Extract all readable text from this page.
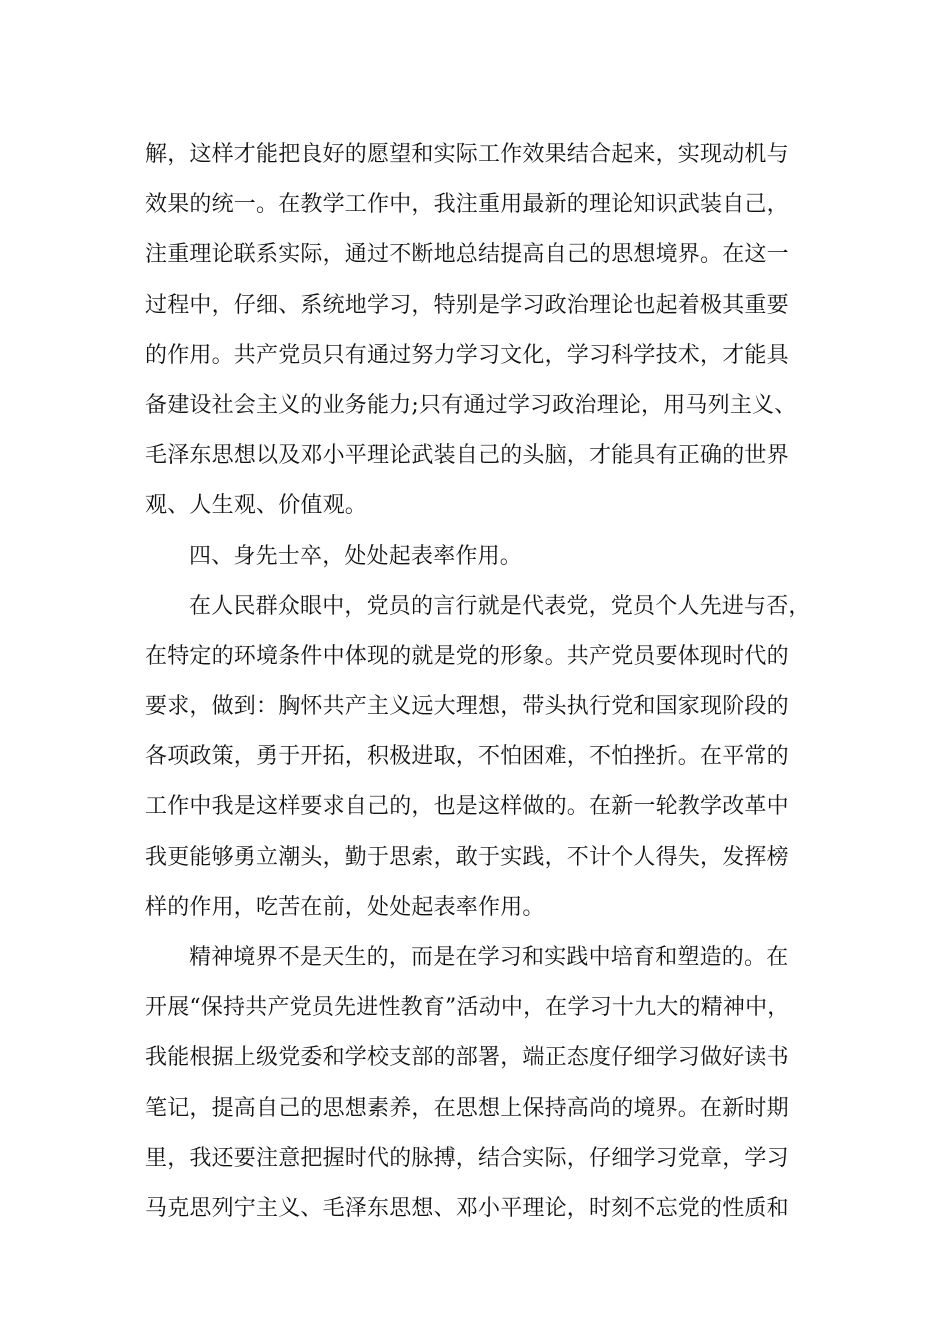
解，这样才能把良好的愿望和实际工作效果结合起来，实现动机与
效果的统一。在教学工作中，我注重用最新的理论知识武装自己，
注重理论联系实际，通过不断地总结提高自己的思想境界。在这一
过程中，仔细、系统地学习，特别是学习政治理论也起着极其重要
的作用。共产党员只有通过努力学习文化，学习科学技术，才能具
备建设社会主义的业务能力;只有通过学习政治理论，用马列主义、
毛泽东思想以及邓小平理论武装自己的头脑，才能具有正确的世界
观、人生观、价值观。
四、身先士卒，处处起表率作用。
在人民群众眼中，党员的言行就是代表党，党员个人先进与否，
在特定的环境条件中体现的就是党的形象。共产党员要体现时代的
要求，做到：胸怀共产主义远大理想，带头执行党和国家现阶段的
各项政策，勇于开拓，积极进取，不怕困难，不怕挫折。在平常的
工作中我是这样要求自己的，也是这样做的。在新一轮教学改革中
我更能够勇立潮头，勤于思索，敢于实践，不计个人得失，发挥榜
样的作用，吃苦在前，处处起表率作用。
精神境界不是天生的，而是在学习和实践中培育和塑造的。在
开展“保持共产党员先进性教育”活动中，在学习十九大的精神中，
我能根据上级党委和学校支部的部署，端正态度仔细学习做好读书
笔记，提高自己的思想素养，在思想上保持高尚的境界。在新时期
里，我还要注意把握时代的脉搏，结合实际，仔细学习党章，学习
马克思列宁主义、毛泽东思想、邓小平理论，时刻不忘党的性质和
